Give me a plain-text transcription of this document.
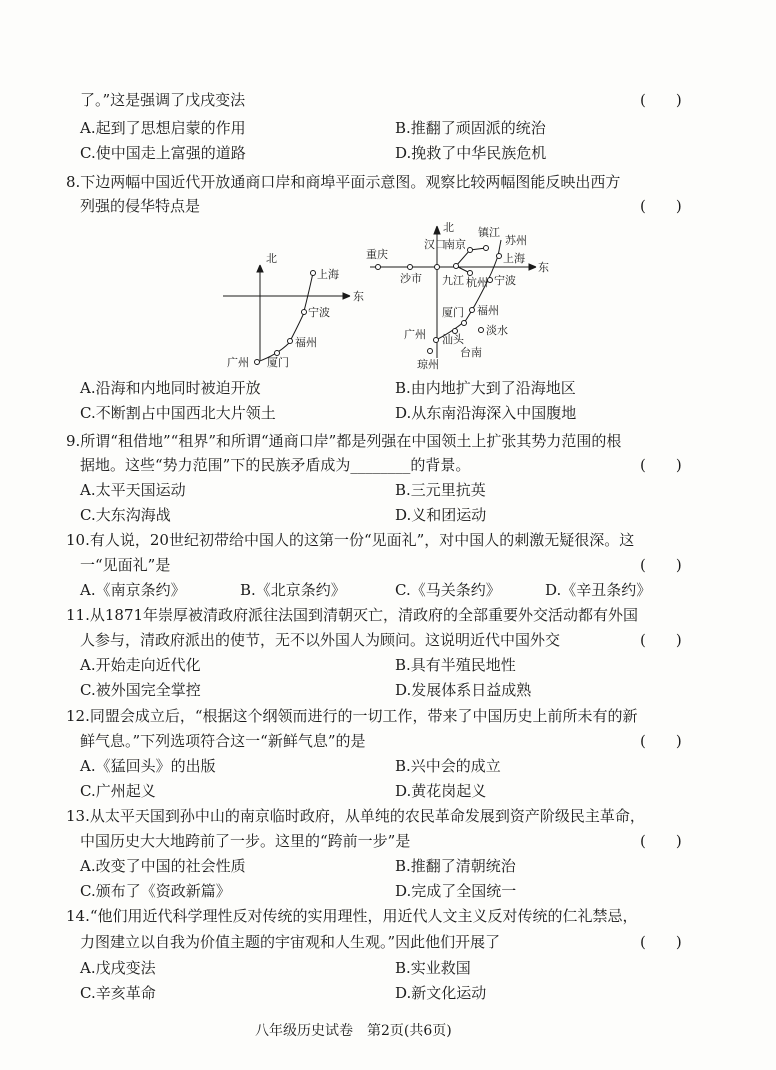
了。”这是强调了戊戌变法	(　　)
A.起到了思想启蒙的作用	B.推翻了顽固派的统治
C.使中国走上富强的道路	D.挽救了中华民族危机
8.下边两幅中国近代开放通商口岸和商埠平面示意图。观察比较两幅图能反映出西方
列强的侵华特点是	(　　)
北
东
上海
宁波
福州
厦门
广州
北
东
重庆
沙市
汉口
南京
镇江
苏州
上海
九江 杭州 宁波
厦门 福州
广州 汕头
淡水
台南
琼州
A.沿海和内地同时被迫开放	B.由内地扩大到了沿海地区
C.不断割占中国西北大片领土	D.从东南沿海深入中国腹地
9.所谓“租借地”“租界”和所谓“通商口岸”都是列强在中国领土上扩张其势力范围的根
据地。这些“势力范围”下的民族矛盾成为________的背景。	(　　)
A.太平天国运动	B.三元里抗英
C.大东沟海战	D.义和团运动
10.有人说，20世纪初带给中国人的这第一份“见面礼”，对中国人的刺激无疑很深。这
一“见面礼”是	(　　)
A.《南京条约》	B.《北京条约》	C.《马关条约》	D.《辛丑条约》
11.从1871年崇厚被清政府派往法国到清朝灭亡，清政府的全部重要外交活动都有外国
人参与，清政府派出的使节，无不以外国人为顾问。这说明近代中国外交	(　　)
A.开始走向近代化	B.具有半殖民地性
C.被外国完全掌控	D.发展体系日益成熟
12.同盟会成立后，“根据这个纲领而进行的一切工作，带来了中国历史上前所未有的新
鲜气息。”下列选项符合这一“新鲜气息”的是	(　　)
A.《猛回头》的出版	B.兴中会的成立
C.广州起义	D.黄花岗起义
13.从太平天国到孙中山的南京临时政府，从单纯的农民革命发展到资产阶级民主革命，
中国历史大大地跨前了一步。这里的“跨前一步”是	(　　)
A.改变了中国的社会性质	B.推翻了清朝统治
C.颁布了《资政新篇》	D.完成了全国统一
14.“他们用近代科学理性反对传统的实用理性，用近代人文主义反对传统的仁礼禁忌，
力图建立以自我为价值主题的宇宙观和人生观。”因此他们开展了	(　　)
A.戊戌变法	B.实业救国
C.辛亥革命	D.新文化运动
八年级历史试卷　第2页(共6页)
